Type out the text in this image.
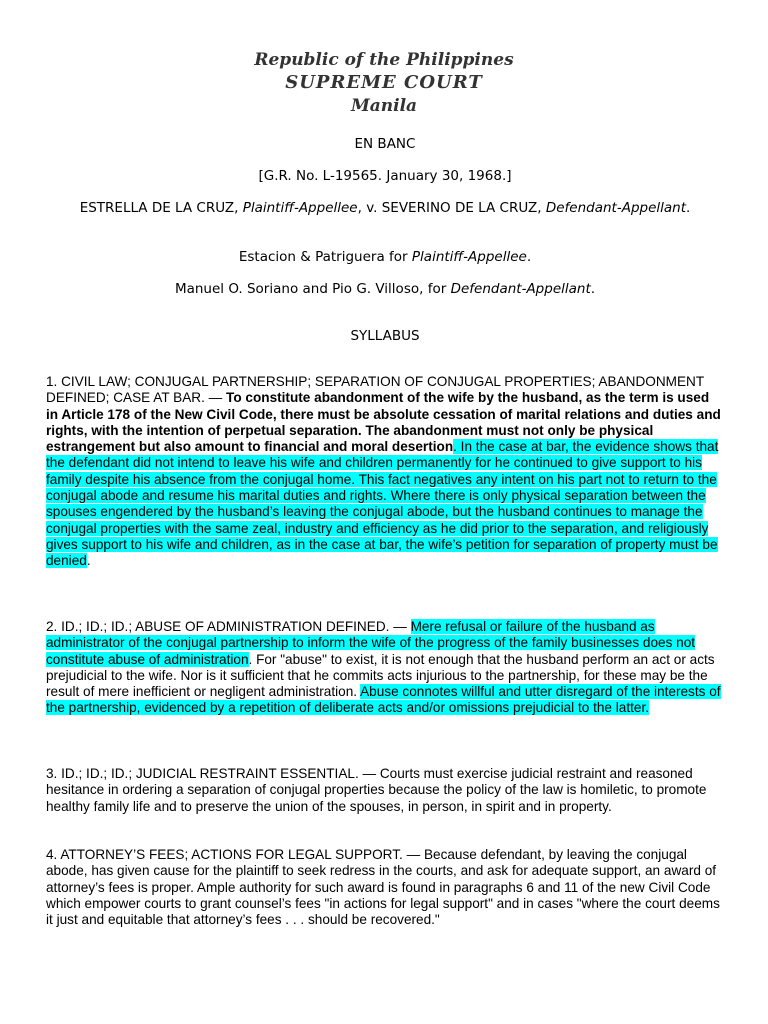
Republic of the Philippines
SUPREME COURT
Manila
EN BANC
[G.R. No. L-19565. January 30, 1968.]
ESTRELLA DE LA CRUZ, Plaintiff-Appellee, v. SEVERINO DE LA CRUZ, Defendant-Appellant.
Estacion & Patriguera for Plaintiff-Appellee.
Manuel O. Soriano and Pio G. Villoso, for Defendant-Appellant.
SYLLABUS
1. CIVIL LAW; CONJUGAL PARTNERSHIP; SEPARATION OF CONJUGAL PROPERTIES; ABANDONMENT DEFINED; CASE AT BAR. — To constitute abandonment of the wife by the husband, as the term is used in Article 178 of the New Civil Code, there must be absolute cessation of marital relations and duties and rights, with the intention of perpetual separation. The abandonment must not only be physical estrangement but also amount to financial and moral desertion. In the case at bar, the evidence shows that the defendant did not intend to leave his wife and children permanently for he continued to give support to his family despite his absence from the conjugal home. This fact negatives any intent on his part not to return to the conjugal abode and resume his marital duties and rights. Where there is only physical separation between the spouses engendered by the husband’s leaving the conjugal abode, but the husband continues to manage the conjugal properties with the same zeal, industry and efficiency as he did prior to the separation, and religiously gives support to his wife and children, as in the case at bar, the wife’s petition for separation of property must be denied.
2. ID.; ID.; ID.; ABUSE OF ADMINISTRATION DEFINED. — Mere refusal or failure of the husband as administrator of the conjugal partnership to inform the wife of the progress of the family businesses does not constitute abuse of administration. For "abuse" to exist, it is not enough that the husband perform an act or acts prejudicial to the wife. Nor is it sufficient that he commits acts injurious to the partnership, for these may be the result of mere inefficient or negligent administration. Abuse connotes willful and utter disregard of the interests of the partnership, evidenced by a repetition of deliberate acts and/or omissions prejudicial to the latter.
3. ID.; ID.; ID.; JUDICIAL RESTRAINT ESSENTIAL. — Courts must exercise judicial restraint and reasoned hesitance in ordering a separation of conjugal properties because the policy of the law is homiletic, to promote healthy family life and to preserve the union of the spouses, in person, in spirit and in property.
4. ATTORNEY’S FEES; ACTIONS FOR LEGAL SUPPORT. — Because defendant, by leaving the conjugal abode, has given cause for the plaintiff to seek redress in the courts, and ask for adequate support, an award of attorney’s fees is proper. Ample authority for such award is found in paragraphs 6 and 11 of the new Civil Code which empower courts to grant counsel’s fees "in actions for legal support" and in cases "where the court deems it just and equitable that attorney’s fees . . . should be recovered."
